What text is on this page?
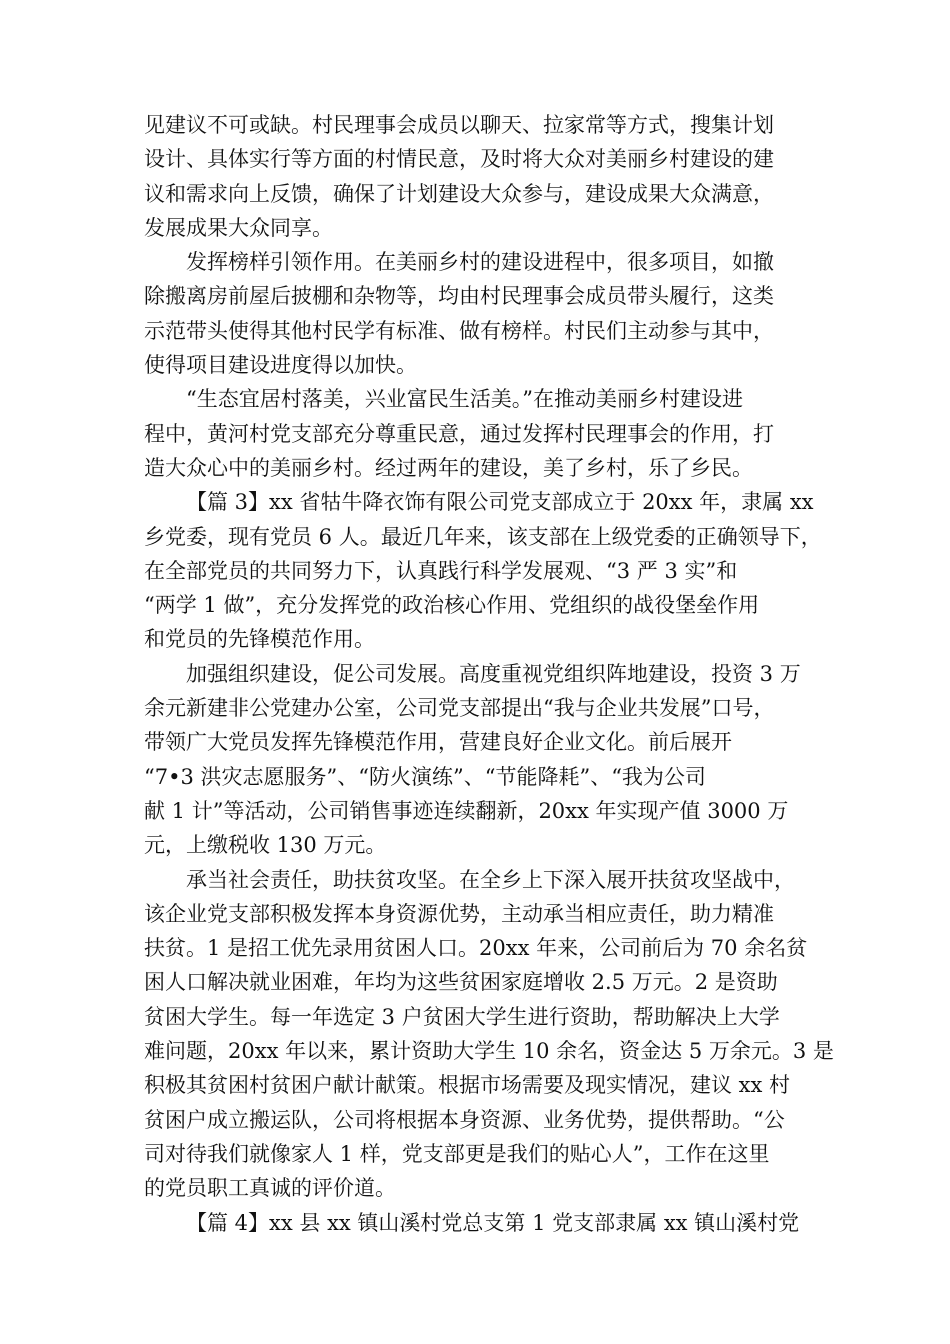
见建议不可或缺。村民理事会成员以聊天、拉家常等方式，搜集计划
设计、具体实行等方面的村情民意，及时将大众对美丽乡村建设的建
议和需求向上反馈，确保了计划建设大众参与，建设成果大众满意，
发展成果大众同享。
发挥榜样引领作用。在美丽乡村的建设进程中，很多项目，如撤
除搬离房前屋后披棚和杂物等，均由村民理事会成员带头履行，这类
示范带头使得其他村民学有标准、做有榜样。村民们主动参与其中，
使得项目建设进度得以加快。
“生态宜居村落美，兴业富民生活美。”在推动美丽乡村建设进
程中，黄河村党支部充分尊重民意，通过发挥村民理事会的作用，打
造大众心中的美丽乡村。经过两年的建设，美了乡村，乐了乡民。
【篇 3】xx 省牯牛降衣饰有限公司党支部成立于 20xx 年，隶属 xx
乡党委，现有党员 6 人。最近几年来，该支部在上级党委的正确领导下，
在全部党员的共同努力下，认真践行科学发展观、“3 严 3 实”和
“两学 1 做”，充分发挥党的政治核心作用、党组织的战役堡垒作用
和党员的先锋模范作用。
加强组织建设，促公司发展。高度重视党组织阵地建设，投资 3 万
余元新建非公党建办公室，公司党支部提出“我与企业共发展”口号，
带领广大党员发挥先锋模范作用，营建良好企业文化。前后展开
“7•3 洪灾志愿服务”、“防火演练”、“节能降耗”、“我为公司
献 1 计”等活动，公司销售事迹连续翻新，20xx 年实现产值 3000 万
元，上缴税收 130 万元。
承当社会责任，助扶贫攻坚。在全乡上下深入展开扶贫攻坚战中，
该企业党支部积极发挥本身资源优势，主动承当相应责任，助力精准
扶贫。1 是招工优先录用贫困人口。20xx 年来，公司前后为 70 余名贫
困人口解决就业困难，年均为这些贫困家庭增收 2.5 万元。2 是资助
贫困大学生。每一年选定 3 户贫困大学生进行资助，帮助解决上大学
难问题，20xx 年以来，累计资助大学生 10 余名，资金达 5 万余元。3 是
积极其贫困村贫困户献计献策。根据市场需要及现实情况，建议 xx 村
贫困户成立搬运队，公司将根据本身资源、业务优势，提供帮助。“公
司对待我们就像家人 1 样，党支部更是我们的贴心人”，工作在这里
的党员职工真诚的评价道。
【篇 4】xx 县 xx 镇山溪村党总支第 1 党支部隶属 xx 镇山溪村党
